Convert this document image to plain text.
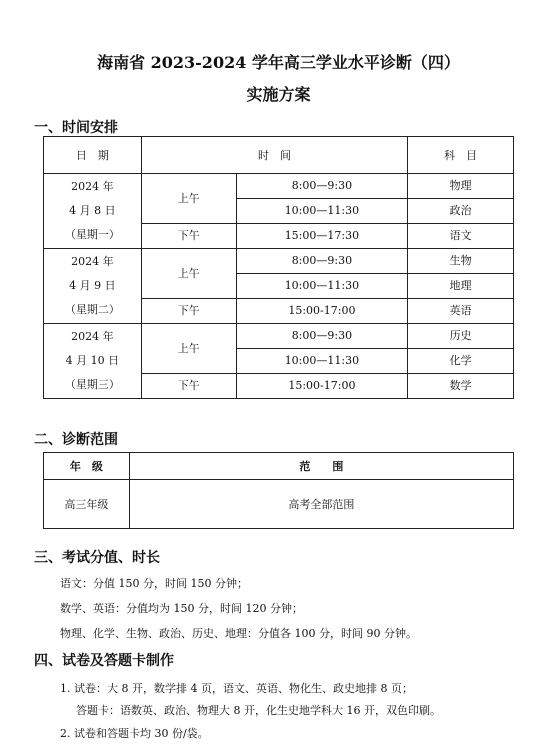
海南省 2023-2024 学年高三学业水平诊断（四）
实施方案
一、时间安排
日　期	时　间		科　目

2024 年
4 月 8 日
（星期一）	上午	8:00—9:30	物理
		10:00—11:30	政治
	下午	15:00—17:30	语文

2024 年
4 月 9 日
（星期二）	上午	8:00—9:30	生物
		10:00—11:30	地理
	下午	15:00-17:00	英语

2024 年
4 月 10 日
（星期三）	上午	8:00—9:30	历史
		10:00—11:30	化学
	下午	15:00-17:00	数学
二、诊断范围
年　级	范　　围
高三年级	高考全部范围
三、考试分值、时长
语文：分值 150 分，时间 150 分钟；
数学、英语：分值均为 150 分，时间 120 分钟；
物理、化学、生物、政治、历史、地理：分值各 100 分，时间 90 分钟。
四、试卷及答题卡制作
1. 试卷：大 8 开，数学排 4 页，语文、英语、物化生、政史地排 8 页；
答题卡：语数英、政治、物理大 8 开，化生史地学科大 16 开，双色印刷。
2. 试卷和答题卡均 30 份/袋。
